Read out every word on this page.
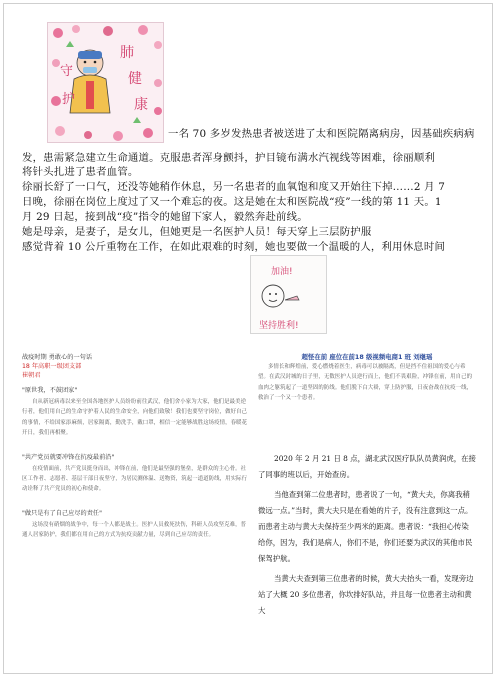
守
护
肺
健
康
一名 70 多岁发热患者被送进了太和医院隔离病房，因基础疾病病
发，患需紧急建立生命通道。克服患者浑身颤抖，护目镜布满水汽视线等困难，徐丽顺利
将针头扎进了患者血管。
徐丽长舒了一口气，还没等她稍作休息，另一名患者的血氧饱和度又开始往下掉……2 月 7
日晚，徐丽在岗位上度过了又一个难忘的夜。这是她在太和医院战“疫”一线的第 11 天。1
月 29 日起，接到战“疫”指令的她留下家人，毅然奔赴前线。
她是母亲，是妻子，是女儿，但她更是一名医护人员！每天穿上三层防护服
感觉背着 10 公斤重物在工作，在如此艰难的时刻，她也要做一个温暖的人，利用休息时间
加油!
坚持胜利!
战疫时期 勇敢心的一句话
18 年高职一级团支部
崔朝君
"原世我，不鼓团家"

自从新冠病毒以来至全国各地医护人员纷纷前往武汉，他们舍小家为大家，他们是最美逆行者，他们用自己的生命守护着人民的生命安全，向他们致敬！我们也要坚守岗位，做好自己的事情，不给国家添麻烦，居家隔离，勤洗手，戴口罩，相信一定能够战胜这场疫情，春暖花开日，我们再相聚。

"共产党员就要冲锋在抗疫最前沿"

在疫情面前，共产党员挺身而出，冲锋在前，他们是最坚强的堡垒，是群众的主心骨。社区工作者、志愿者、基层干部日夜坚守，为居民测体温、送物资，筑起一道道防线，用实际行动诠释了共产党员的初心和使命。

"做只是有了自己应尽的责任"

这场没有硝烟的战争中，每一个人都是战士。医护人员救死扶伤，科研人员攻坚克难，普通人居家防护，我们都在用自己的方式为抗疫贡献力量，尽到自己应尽的责任。

超怪在前 座位在前18 级视频电商1 班 刘继瑶

多情长和辉煌前，爱心燃烧着医生，病毒可以被隔离，但是挡不住祖国的爱心与希望。在武汉封城的日子里，无数医护人员逆行而上，他们不畏艰险，冲锋在前，用自己的血肉之躯筑起了一道坚固的防线。他们脱下白大褂，穿上防护服，日夜奋战在抗疫一线，救治了一个又一个患者。

2020 年 2 月 21 日 8 点，湖北武汉医疗队队员黄润虎，在接了同事的班以后，开始查房。

当他查到第二位患者时，患者说了一句，“黄大夫，你离我稍微远一点。”当时，黄大夫只是在看她的片子，没有注意到这一点。而患者主动与黄大夫保持至少两米的距离。患者说：“我担心传染给你，因为，我们是病人，你们不是，你们还要为武汉的其他市民保驾护航。

当黄大夫查到第三位患者的时候，黄大夫抬头一看，发现旁边站了大概 20 多位患者，你坎排好队站，并且每一位患者主动和黄大
